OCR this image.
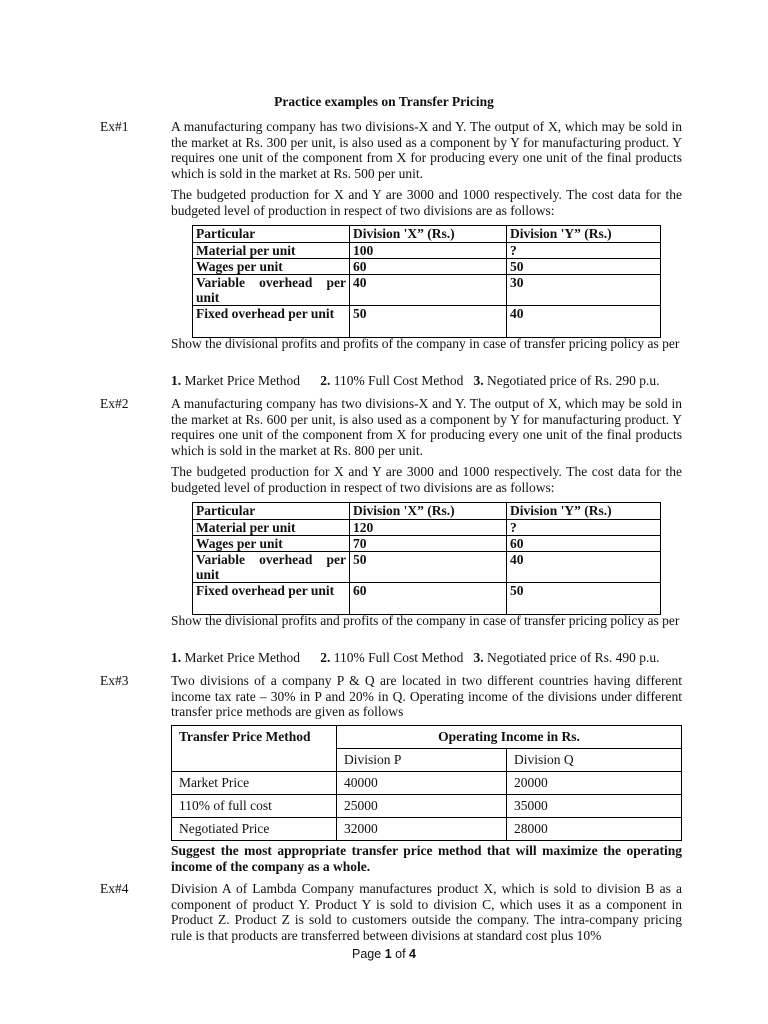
Practice examples on Transfer Pricing
Ex#1	A manufacturing company has two divisions-X and Y. The output of X, which may be sold in the market at Rs. 300 per unit, is also used as a component by Y for manufacturing product. Y requires one unit of the component from X for producing every one unit of the final products which is sold in the market at Rs. 500 per unit.
The budgeted production for X and Y are 3000 and 1000 respectively. The cost data for the budgeted level of production in respect of two divisions are as follows:
Particular	Division 'X” (Rs.)	Division 'Y” (Rs.)
Material per unit	100	?
Wages per unit	60	50
Variable overhead per unit	40	30
Fixed overhead per unit	50	40
Show the divisional profits and profits of the company in case of transfer pricing policy as per
1. Market Price Method 2. 110% Full Cost Method 3. Negotiated price of Rs. 290 p.u.
Ex#2	A manufacturing company has two divisions-X and Y. The output of X, which may be sold in the market at Rs. 600 per unit, is also used as a component by Y for manufacturing product. Y requires one unit of the component from X for producing every one unit of the final products which is sold in the market at Rs. 800 per unit.
The budgeted production for X and Y are 3000 and 1000 respectively. The cost data for the budgeted level of production in respect of two divisions are as follows:
Particular	Division 'X” (Rs.)	Division 'Y” (Rs.)
Material per unit	120	?
Wages per unit	70	60
Variable overhead per unit	50	40
Fixed overhead per unit	60	50
Show the divisional profits and profits of the company in case of transfer pricing policy as per
1. Market Price Method 2. 110% Full Cost Method 3. Negotiated price of Rs. 490 p.u.
Ex#3	Two divisions of a company P & Q are located in two different countries having different income tax rate – 30% in P and 20% in Q. Operating income of the divisions under different transfer price methods are given as follows
Transfer Price Method	Operating Income in Rs.	
	Division P	Division Q
Market Price	40000	20000
110% of full cost	25000	35000
Negotiated Price	32000	28000
Suggest the most appropriate transfer price method that will maximize the operating income of the company as a whole.
Ex#4	Division A of Lambda Company manufactures product X, which is sold to division B as a component of product Y. Product Y is sold to division C, which uses it as a component in Product Z. Product Z is sold to customers outside the company. The intra-company pricing rule is that products are transferred between divisions at standard cost plus 10%
Page 1 of 4
